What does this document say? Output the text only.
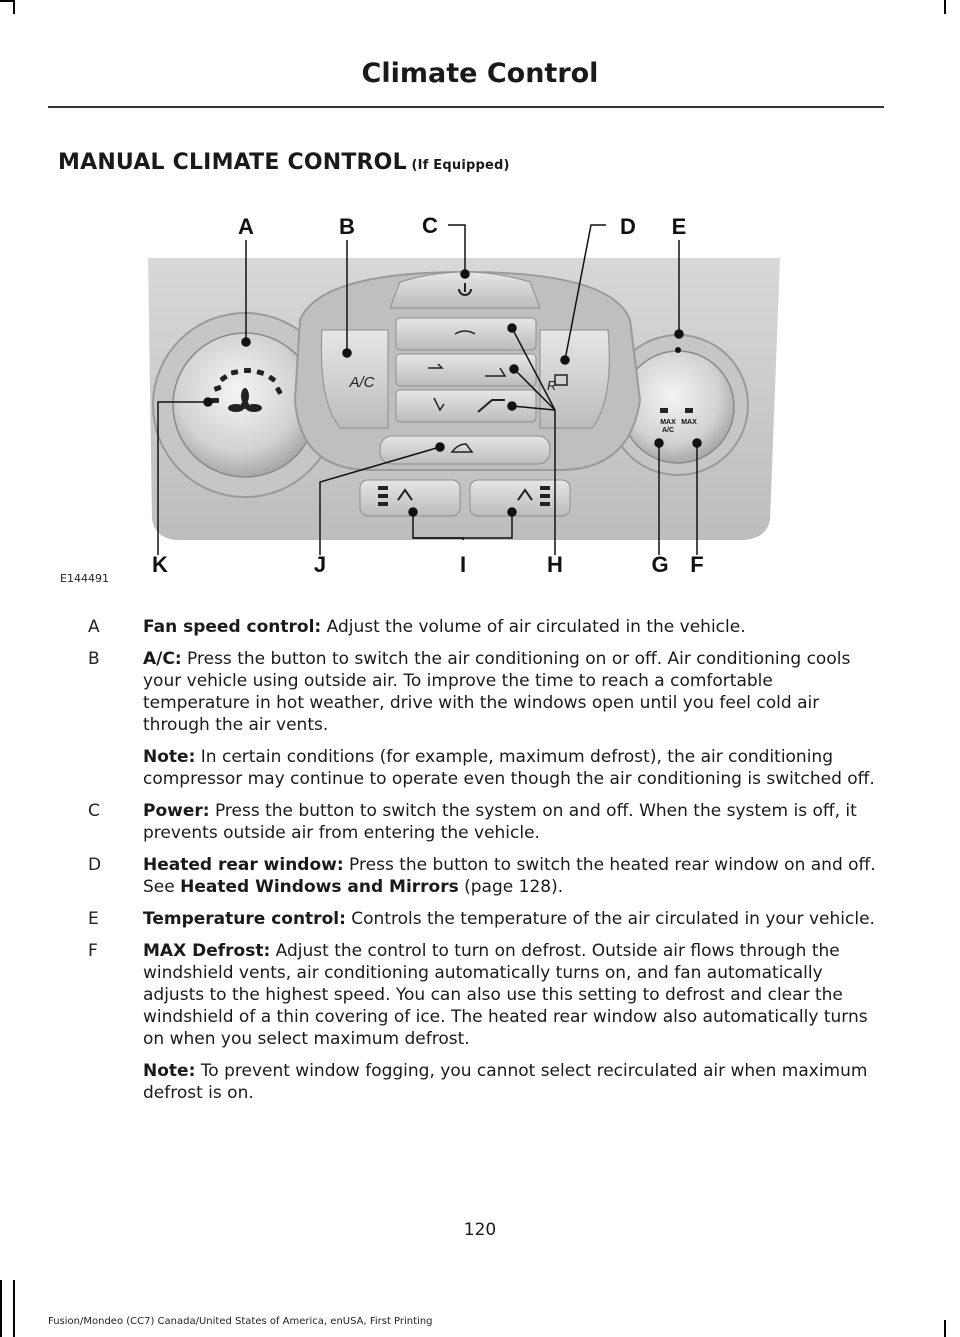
Climate Control
MANUAL CLIMATE CONTROL (If Equipped)
MAX
A/C
MAX
A/C	R
A	B	C	D E
K	J	I	H	G F
E144491
A	Fan speed control: Adjust the volume of air circulated in the vehicle.
B	A/C: Press the button to switch the air conditioning on or off. Air conditioning cools your vehicle using outside air. To improve the time to reach a comfortable temperature in hot weather, drive with the windows open until you feel cold air through the air vents.
Note: In certain conditions (for example, maximum defrost), the air conditioning compressor may continue to operate even though the air conditioning is switched off.
C	Power: Press the button to switch the system on and off. When the system is off, it prevents outside air from entering the vehicle.
D	Heated rear window: Press the button to switch the heated rear window on and off. See Heated Windows and Mirrors (page 128).
E	Temperature control: Controls the temperature of the air circulated in your vehicle.
F	MAX Defrost: Adjust the control to turn on defrost. Outside air flows through the windshield vents, air conditioning automatically turns on, and fan automatically adjusts to the highest speed. You can also use this setting to defrost and clear the windshield of a thin covering of ice. The heated rear window also automatically turns on when you select maximum defrost.
Note: To prevent window fogging, you cannot select recirculated air when maximum defrost is on.
120
Fusion/Mondeo (CC7) Canada/United States of America, enUSA, First Printing
